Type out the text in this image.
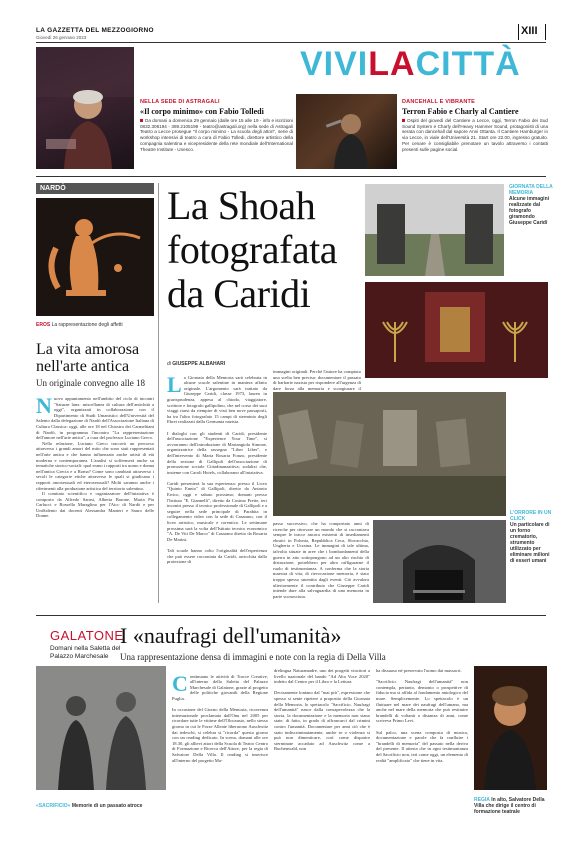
LA GAZZETTA DEL MEZZOGIORNO
Giovedì 26 gennaio 2023
XIII
VIVILACITTÀ
NELLA SEDE DI ASTRAGALI
«Il corpo minimo» con Fabio Tolledi
Da domani a domenica 29 gennaio (dalle ore 15 alle 19 - info e iscrizioni 0832.306194 - 389.2105199 - teatro@astragali.org) nella sede di Astragali Teatro a Lecce prosegue "Il corpo minimo - La scuola degli attori", serie di workshop intensivi di teatro a cura di Fabio Tolledi, direttore artistico della compagnia salentina e vicepresidente della rete mondiale dell'International Theatre Institute - Unesco.
DANCEHALL E VIBRANTE
Terron Fabio e Charly al Cantiere
Ospiti del giovedì del Cantiere a Lecce, oggi, Terron Fabio dei Sud Sound System e Charly dell'Heavy Hammer Sound, protagonisti di una serata con dancehall dal sapore Anni Ottanta. Il Cantiere Hamburger in via Lecce, in viale dell'Università 21. Start ore 22.00, ingresso gratuito. Per cenare è consigliabile prenotare un tavolo attraverso i contatti presenti sulle pagine social.
NARDÒ
EROS La rappresentazione degli affetti
La vita amorosa nell'arte antica
Un originale convegno alle 18
N uovo appuntamento nell'ambito del ciclo di incontri "Saturae lanx: miscellanea di cultura dell'antichità a oggi", organizzati in collaborazione con il Dipartimento di Studi Umanistici dell'Università del Salento dalla delegazione di Nardò dell'Associazione Italiana di Cultura Classica: oggi, alle ore 18 nel Chiostro dei Carmelitani di Nardò, in programma l'incontro "La rappresentazione dell'amore nell'arte antica", a cura del professor Luciano Greco.

Nella relazione, Luciano Greco traccerà un percorso attraverso i grandi amori del mito che sono stati rappresentati nell'arte antica e che hanno influenzato anche artisti di età moderna e contemporanea. L'analisi si soffermerà anche su tematiche storico-sociali: qual erano i rapporti tra uomo e donna nell'antica Grecia e a Roma? Come sono cambiati attraverso i secoli le categorie etiche attraverso le quali si giudicano i rapporti omosessuali ed eterosessuali? Molti saranno anche i riferimenti alla produzione artistica del territorio salentino.

Il comitato scientifico e organizzatore dell'iniziativa è composto da Alfredo Sarasi, Alberta Barone, Maria Pia Carlucci e Rossella Maraglino per l'Aicc di Nardò e per UniSalento dai docenti Alessandra Manieri e Sauro delle Donne.

La Shoah fotografata da Caridi
GIORNATA DELLA MEMORIA
Alcune immagini realizzate dal fotografo giramondo Giuseppe Caridi
di GIUSEPPE ALBAHARI

La Giornata della Memoria sarà celebrata in alcune scuole salentine in maniera affatto originale. L'argomento sarà trattato da Giuseppe Caridi, classe 1973, laurea in giurisprudenza, appesa al chiodo, viaggiatore, scrittore e fotografo gallipolino, che nel corso dei suoi viaggi riarsi da riempire di visti ben nove passaporti, ha tra l'altro fotografato 15 campi di sterminio degli Ebrei realizzati dalla Germania nazista.

I dialoghi con gli studenti di Caridi, presidente dell'associazione "Experience Your Time", si avvarranno dell'introduzione di Mariangiola Simone, organizzatrice della rassegna "Liber Liber", e dell'intervento di Maria Rosaria Fonzo, presidente della sezione di Gallipoli dell'associazione di promozione sociale Cittadinanzattiva; sodalizi che, insieme con Caroli Hotels, collaborano all'iniziativa.

Caridi presenterà la sua esperienza: presso il Liceo "Quinto Ennio" di Gallipoli, diretto da Antonio Errico, oggi e sabato prossimo; domani presso l'Istituto "E. Giannelli", diretto da Cosimo Preite, ieri incontri presso il tecnico professionale di Gallipoli e a seguire nella sede principale di Parabita in collegamento video con la sede di Casarano, con il liceo artistico, musicale e coreutico. Le settimane prossima sarà la volta dell'Istituto tecnico economico "A. De Viti De Marco" di Casarano diretto da Rosaria De Marini.

Tali scuole hanno colto l'originalità dell'esperienza che può essere raccontata da Caridi, arricchita dalla proiezione di

immagini originali. Perché l'autore ha compiuto una scelta ben precisa: documentare il passato di barbarie nazista per rispondere all'urgenza di dare forza alla memoria e scongiurare il
passo successivo, che ha comportato anni di ricerche per ritrovare un mondo che si raccontava sempre le tracce ancora esistenti di insediamenti ebraici in Polonia, Repubblica Ceca, Slovacchia, Ungheria e Ucraina. Le immagini di tale ultima, talvolta situate in aree che i bombardamenti della guerra in atto sottopongono ad un alto rischio di distruzione, potrebbero per altro raffigurarne il ruolo di testimonianza. A conferma che la storia maestra di vita, di rievocazione memoria, è stato troppo spesso smentita dagli eventi. Ciò avvalora ulteriormente il contributo che Giuseppe Caridi intende dare alla salvaguardia di una memoria in parte sconosciuta.
L'ORRORE IN UN CLICK
Un particolare di un forno crematorio, strumento utilizzato per eliminare milioni di esseri umani
GALATONE
Domani nella Saletta del Palazzo Marchesale
I «naufragi dell'umanità»
Una rappresentazione densa di immagini e note con la regia di Della Villa
«SACRIFICIO» Memorie di un passato atroce

Continuano le attività di Tracce Creative, all'interno della Saletta del Palazzo Marchesale di Galatone, grazie al progetto delle politiche giovanili della Regione Puglia.

In occasione del Giorno della Memoria, ricorrenza internazionale proclamata dall'Onu nel 2005 per ricordare tutte le vittime dell'Olocausto, nello stesso giorno in cui le Forze Alleate liberarono Auschwitz dai tedeschi, si celebra si "ricorda" questo giorno con un reading dedicato. In scena, domani alle ore 18.30, gli allievi attori della Scuola di Teatro Centro di Formazione e Ricerca dell'Attore, per la regia di Salvatore Della Villa. Il reading si inserisce all'interno del progetto Ma-

drelingua Naturamadre, uno dei progetti vincitori a livello nazionale del bando "Ad Alta Voce 2020" indetto dal Centro per il Libro e la Lettura.

Decisamente lontano dal "mai più", espressione che spesso si sente ripetere a proposito della Giornata della Memoria, lo spettacolo "Sacrificio. Naufragi dell'umanità" nasce dalla consapevolezza che la storia, la documentazione e la memoria non siano state, di fatto, in grado di affrancarci dal crimini contro l'umanità. Documentare per anni ciò che è stato indiscriminatamente, anche se o violenza si può non dimenticare, così come disparire sterminate accaduto ad Auschwitz come a Buchenwald, non
ha dissuaso né preservato l'uomo dai massacri.

"Sacrificio. Naufragi dell'umanità" non contempla, pertanto, demonio o prospettive di fiducia ma si affida al fondamento antologico del mare. Semplicemente. Lo spettacolo è un fluttuare nel mare dei naufragi dell'umano, ma anche nel mare della memoria che può restituire brandelli di voltanti a distanza di anni, come scriveva Primo Levi.

Sul palco, una scena composta di musica, documentazione e parole che fa confluire i "brandelli di memoria" del passato nella deriva del presente. Il attesta che in ogni testimonianza del Sacrificio non, ieri come oggi, un elemento di realtà "amplificato" che tiene in vita.
REGIA In alto, Salvatore Della Villa che dirige il centro di formazione teatrale
